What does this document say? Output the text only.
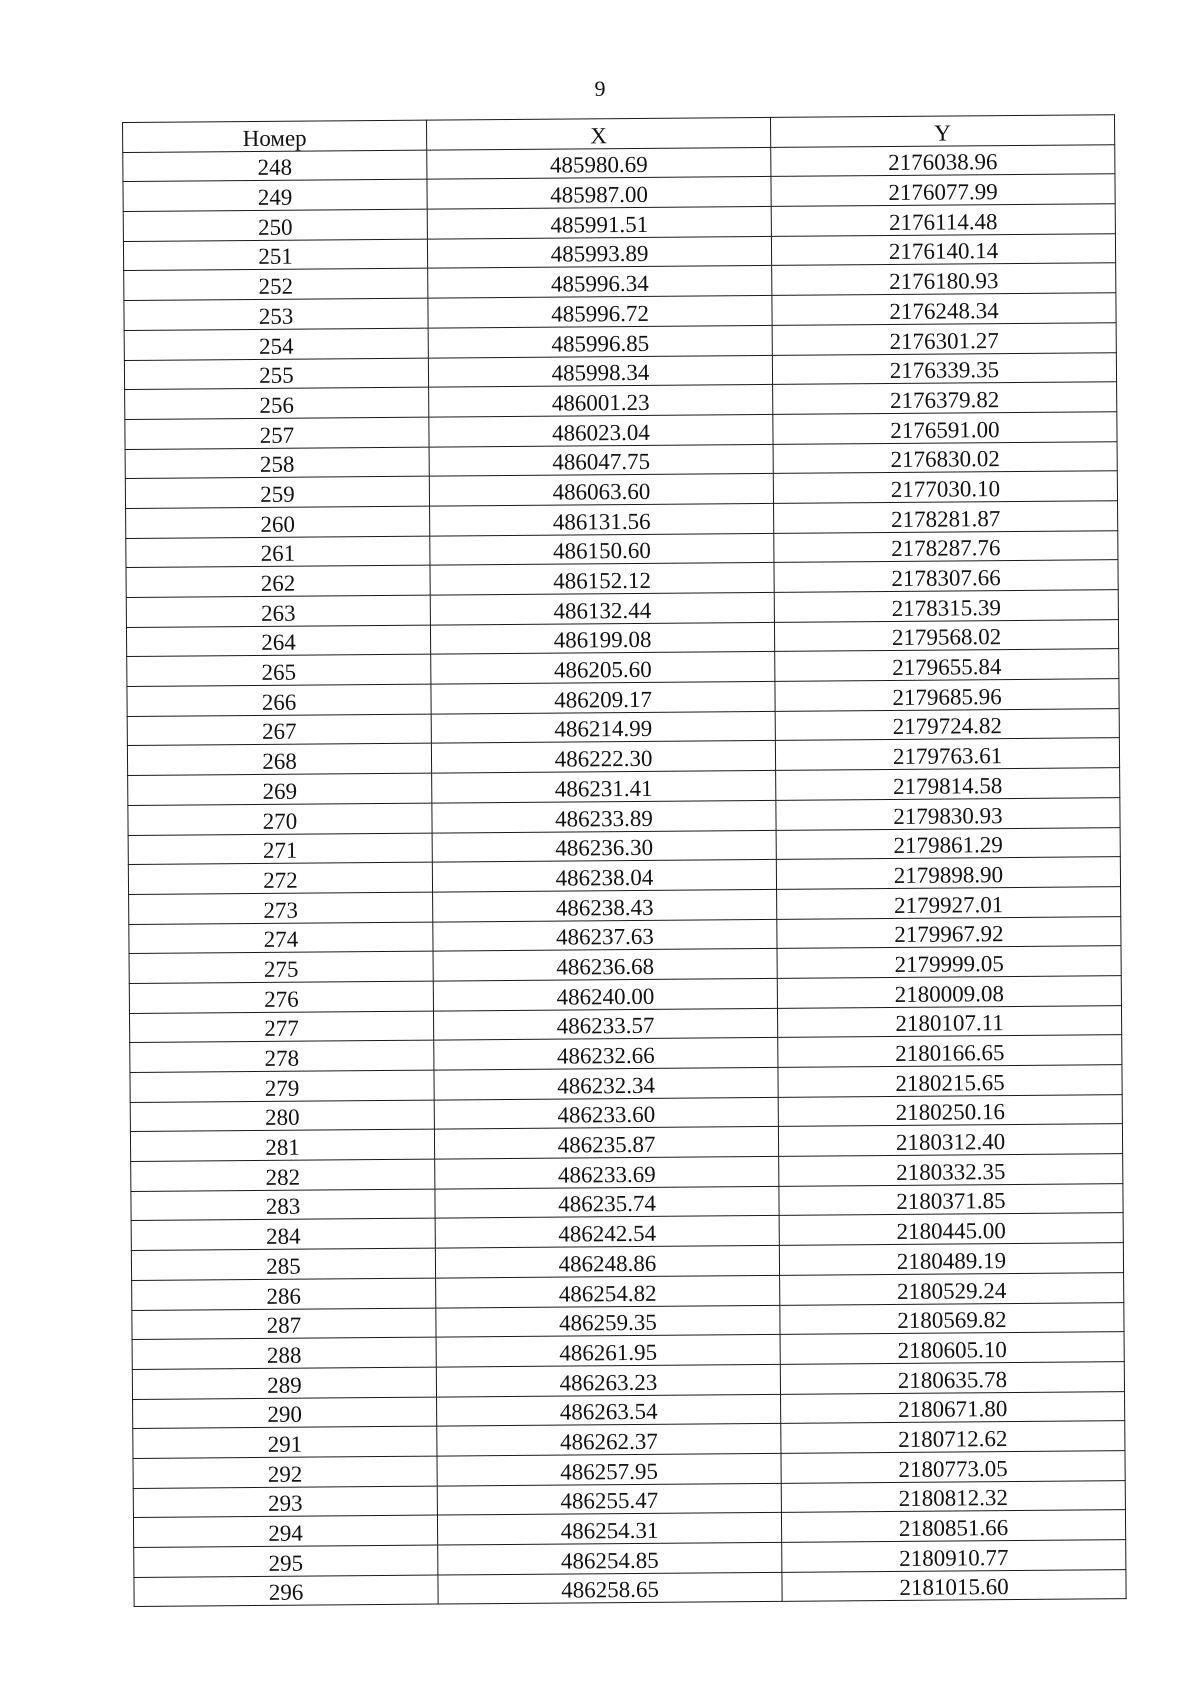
9
Номер	X	Y
248	485980.69	2176038.96
249	485987.00	2176077.99
250	485991.51	2176114.48
251	485993.89	2176140.14
252	485996.34	2176180.93
253	485996.72	2176248.34
254	485996.85	2176301.27
255	485998.34	2176339.35
256	486001.23	2176379.82
257	486023.04	2176591.00
258	486047.75	2176830.02
259	486063.60	2177030.10
260	486131.56	2178281.87
261	486150.60	2178287.76
262	486152.12	2178307.66
263	486132.44	2178315.39
264	486199.08	2179568.02
265	486205.60	2179655.84
266	486209.17	2179685.96
267	486214.99	2179724.82
268	486222.30	2179763.61
269	486231.41	2179814.58
270	486233.89	2179830.93
271	486236.30	2179861.29
272	486238.04	2179898.90
273	486238.43	2179927.01
274	486237.63	2179967.92
275	486236.68	2179999.05
276	486240.00	2180009.08
277	486233.57	2180107.11
278	486232.66	2180166.65
279	486232.34	2180215.65
280	486233.60	2180250.16
281	486235.87	2180312.40
282	486233.69	2180332.35
283	486235.74	2180371.85
284	486242.54	2180445.00
285	486248.86	2180489.19
286	486254.82	2180529.24
287	486259.35	2180569.82
288	486261.95	2180605.10
289	486263.23	2180635.78
290	486263.54	2180671.80
291	486262.37	2180712.62
292	486257.95	2180773.05
293	486255.47	2180812.32
294	486254.31	2180851.66
295	486254.85	2180910.77
296	486258.65	2181015.60
